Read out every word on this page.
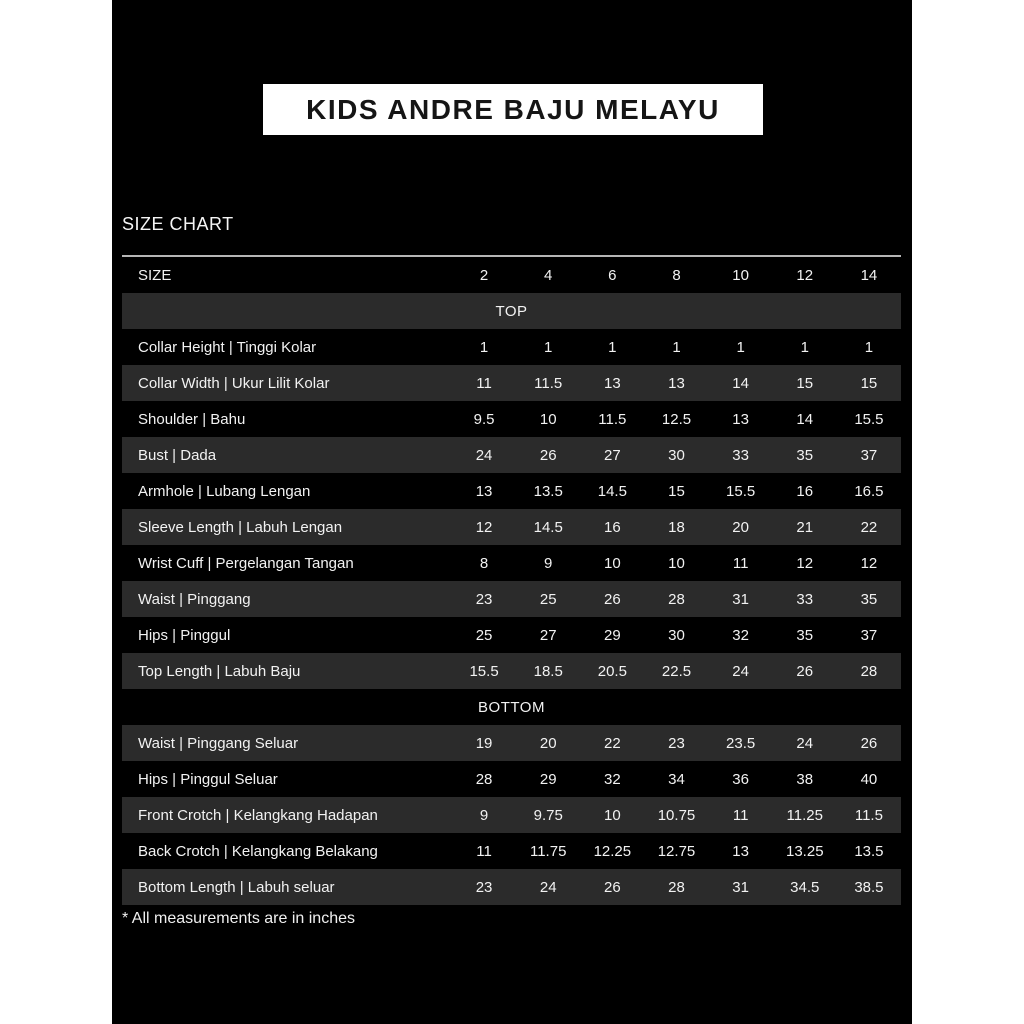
KIDS ANDRE BAJU MELAYU
SIZE CHART
SIZE	2	4	6	8	10	12	14
TOP
Collar Height | Tinggi Kolar	1	1	1	1	1	1	1
Collar Width | Ukur Lilit Kolar	11	11.5	13	13	14	15	15
Shoulder | Bahu	9.5	10	11.5	12.5	13	14	15.5
Bust | Dada	24	26	27	30	33	35	37
Armhole | Lubang Lengan	13	13.5	14.5	15	15.5	16	16.5
Sleeve Length | Labuh Lengan	12	14.5	16	18	20	21	22
Wrist Cuff | Pergelangan Tangan	8	9	10	10	11	12	12
Waist | Pinggang	23	25	26	28	31	33	35
Hips | Pinggul	25	27	29	30	32	35	37
Top Length | Labuh Baju	15.5	18.5	20.5	22.5	24	26	28
BOTTOM
Waist | Pinggang Seluar	19	20	22	23	23.5	24	26
Hips | Pinggul Seluar	28	29	32	34	36	38	40
Front Crotch | Kelangkang Hadapan	9	9.75	10	10.75	11	11.25	11.5
Back Crotch | Kelangkang Belakang	11	11.75	12.25	12.75	13	13.25	13.5
Bottom Length | Labuh seluar	23	24	26	28	31	34.5	38.5
* All measurements are in inches
